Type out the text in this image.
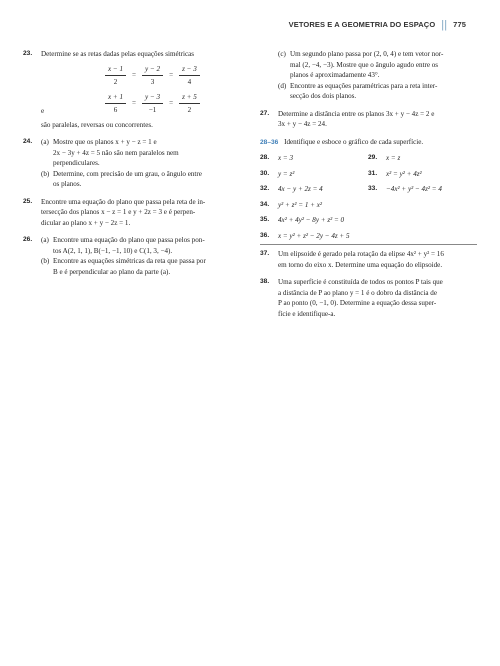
VETORES E A GEOMETRIA DO ESPAÇO || 775
23.	Determine se as retas dadas pelas equações simétricas
$\frac{x - 1}{2} = \frac{y - 2}{3} = \frac{z - 3}{4}$
e	$\frac{x + 1}{6} = \frac{y - 3}{-1} = \frac{z + 5}{2}$
são paralelas, reversas ou concorrentes.
24.	(a) Mostre que os planos x + y − z = 1 e
2x − 3y + 4z = 5 não são nem paralelos nem
perpendiculares.
(b) Determine, com precisão de um grau, o ângulo entre
os planos.
25.	Encontre uma equação do plano que passa pela reta de in-
tersecção dos planos x − z = 1 e y + 2z = 3 e é perpen-
dicular ao plano x + y − 2z = 1.
26.	(a) Encontre uma equação do plano que passa pelos pon-
tos A(2, 1, 1), B(−1, −1, 10) e C(1, 3, −4).
(b) Encontre as equações simétricas da reta que passa por
B e é perpendicular ao plano da parte (a).
(c) Um segundo plano passa por (2, 0, 4) e tem vetor nor-
mal (2, −4, −3). Mostre que o ângulo agudo entre os
planos é aproximadamente 43°.
(d) Encontre as equações paramétricas para a reta inter-
secção dos dois planos.
27.	Determine a distância entre os planos 3x + y − 4z = 2 e
3x + y − 4z = 24.
28–36 Identifique e esboce o gráfico de cada superfície.
28.	x = 3	29.	x = z
30.	y = z²	31.	x² = y² + 4z²
32.	4x − y + 2z = 4	33.	−4x² + y² − 4z² = 4
34.	y² + z² = 1 + x²
35.	4x² + 4y² − 8y + z² = 0
36.	x = y² + z² − 2y − 4z + 5
37.	Um elipsoide é gerado pela rotação da elipse 4x² + y² = 16
em torno do eixo x. Determine uma equação do elipsoide.
38.	Uma superfície é constituída de todos os pontos P tais que
a distância de P ao plano y = 1 é o dobro da distância de
P ao ponto (0, −1, 0). Determine a equação dessa super-
fície e identifique-a.
